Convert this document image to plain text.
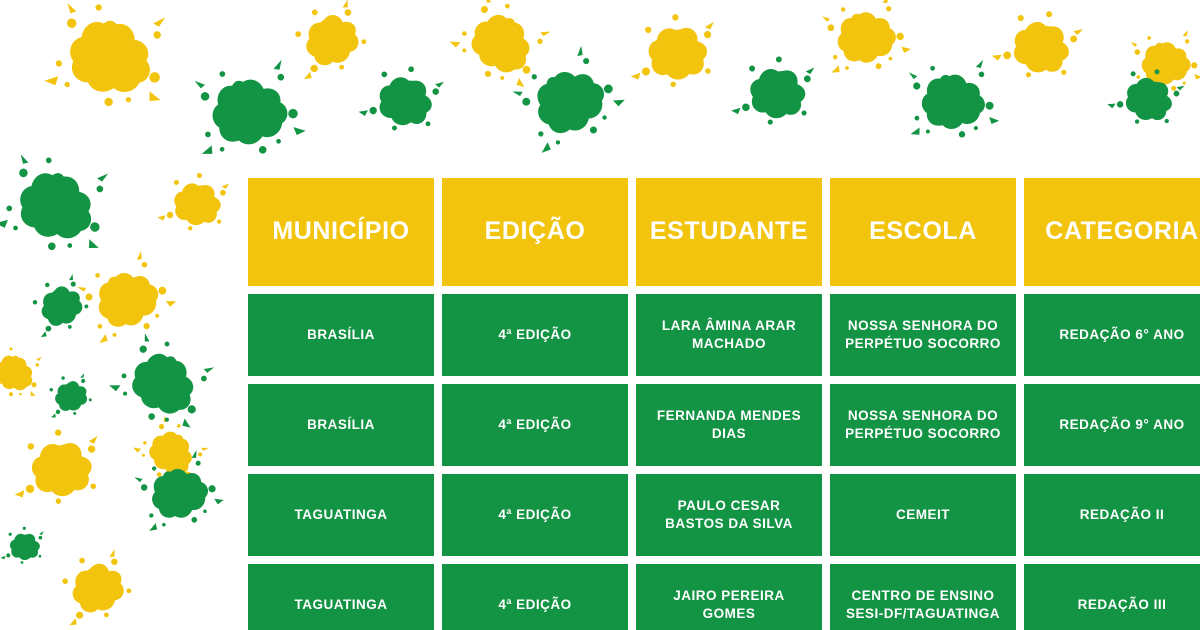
MUNICÍPIO	EDIÇÃO	ESTUDANTE	ESCOLA	CATEGORIA
BRASÍLIA	4ª EDIÇÃO	LARA ÂMINA ARAR MACHADO	NOSSA SENHORA DO PERPÉTUO SOCORRO	REDAÇÃO 6° ANO
BRASÍLIA	4ª EDIÇÃO	FERNANDA MENDES DIAS	NOSSA SENHORA DO PERPÉTUO SOCORRO	REDAÇÃO 9° ANO
TAGUATINGA	4ª EDIÇÃO	PAULO CESAR BASTOS DA SILVA	CEMEIT	REDAÇÃO II
TAGUATINGA	4ª EDIÇÃO	JAIRO PEREIRA GOMES	CENTRO DE ENSINO SESI-DF/TAGUATINGA	REDAÇÃO III
